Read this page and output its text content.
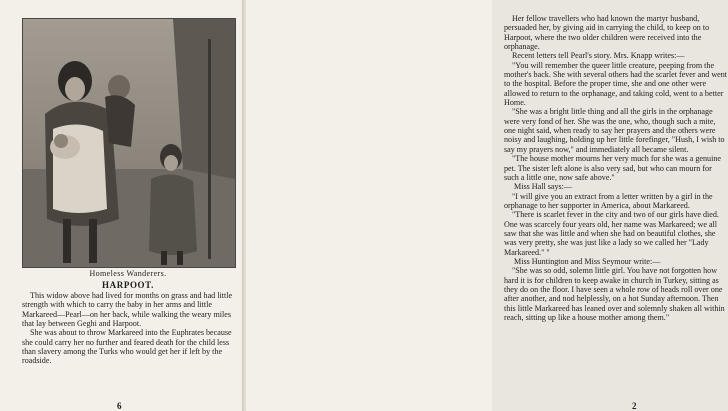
Homeless Wanderers.
HARPOOT.

This widow above had lived for months on grass and had little strength with which to carry the baby in her arms and little Markareed—Pearl—on her back, while walking the weary miles that lay between Geghi and Harpoot.

She was about to throw Markareed into the Euphrates because she could carry her no further and feared death for the child less than slavery among the Turks who would get her if left by the roadside.

6

Her fellow travellers who had known the martyr husband, persuaded her, by giving aid in carrying the child, to keep on to Harpoot, where the two older children were received into the orphanage.

Recent letters tell Pearl's story. Mrs. Knapp writes:—

"You will remember the queer little creature, peeping from the mother's back. She with several others had the scarlet fever and went to the hospital. Before the proper time, she and one other were allowed to return to the orphanage, and taking cold, went to a better Home.

"She was a bright little thing and all the girls in the orphanage were very fond of her. She was the one, who, though such a mite, one night said, when ready to say her prayers and the others were noisy and laughing, holding up her little forefinger, "Hush, I wish to say my prayers now," and immediately all became silent.

"The house mother mourns her very much for she was a genuine pet. The sister left alone is also very sad, but who can mourn for such a little one, now safe above."

Miss Hall says:—

"I will give you an extract from a letter written by a girl in the orphanage to her supporter in America, about Markareed.

"There is scarlet fever in the city and two of our girls have died. One was scarcely four years old, her name was Markareed; we all saw that she was little and when she had on beautiful clothes, she was very pretty, she was just like a lady so we called her "Lady Markareed." "

Miss Huntington and Miss Seymour write:—

"She was so odd, solemn little girl. You have not forgotten how hard it is for children to keep awake in church in Turkey, sitting as they do on the floor. I have seen a whole row of heads roll over one after another, and nod helplessly, on a hot Sunday afternoon. Then this little Markareed has leaned over and solemnly shaken all within reach, sitting up like a house mother among them."

2
